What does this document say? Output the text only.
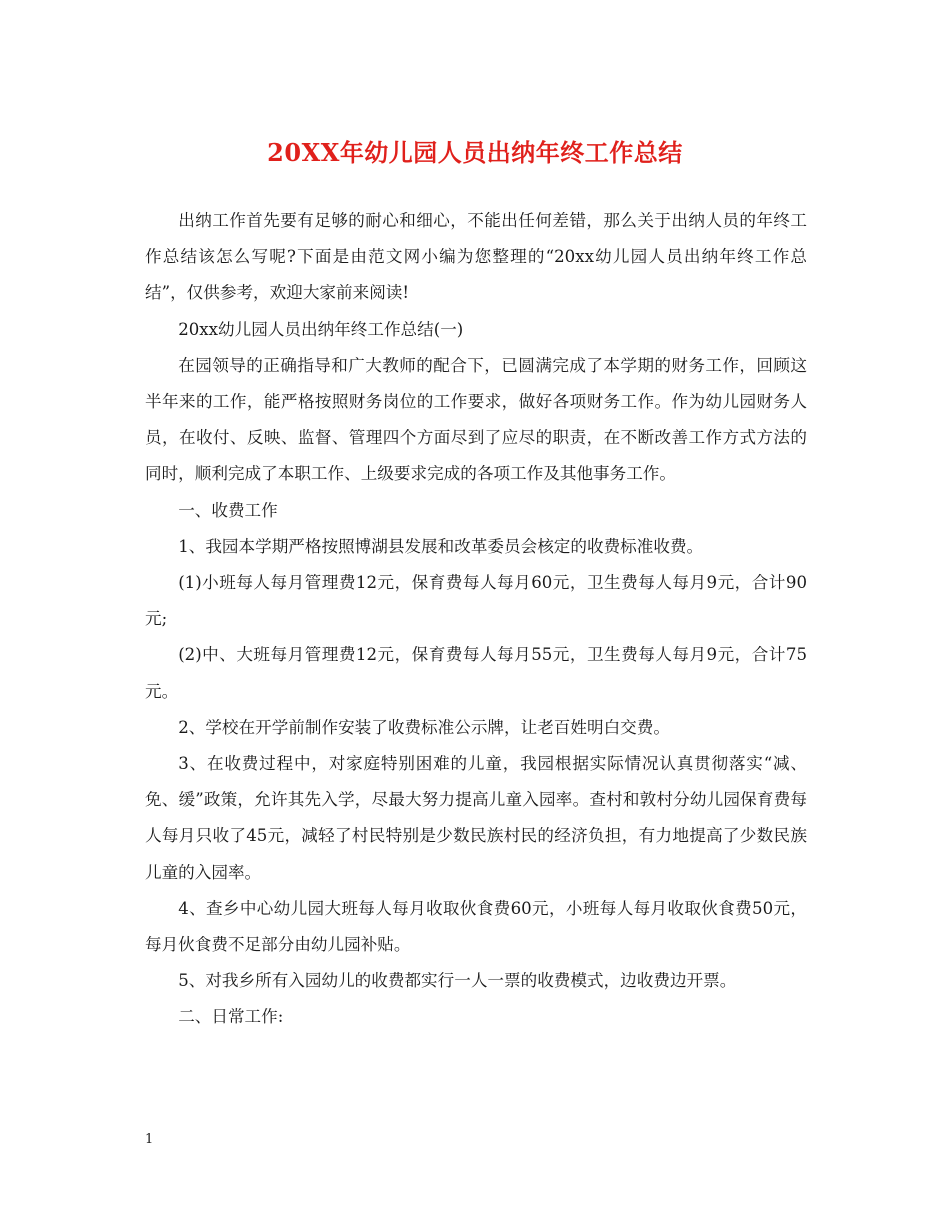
20XX年幼儿园人员出纳年终工作总结

出纳工作首先要有足够的耐心和细心，不能出任何差错，那么关于出纳人员的年终工作总结该怎么写呢?下面是由范文网小编为您整理的“20xx幼儿园人员出纳年终工作总结”，仅供参考，欢迎大家前来阅读!

20xx幼儿园人员出纳年终工作总结(一)

在园领导的正确指导和广大教师的配合下，已圆满完成了本学期的财务工作，回顾这半年来的工作，能严格按照财务岗位的工作要求，做好各项财务工作。作为幼儿园财务人员，在收付、反映、监督、管理四个方面尽到了应尽的职责，在不断改善工作方式方法的同时，顺利完成了本职工作、上级要求完成的各项工作及其他事务工作。

一、收费工作

1、我园本学期严格按照博湖县发展和改革委员会核定的收费标准收费。

(1)小班每人每月管理费12元，保育费每人每月60元，卫生费每人每月9元，合计90元;

(2)中、大班每月管理费12元，保育费每人每月55元，卫生费每人每月9元，合计75元。

2、学校在开学前制作安装了收费标准公示牌，让老百姓明白交费。

3、在收费过程中，对家庭特别困难的儿童，我园根据实际情况认真贯彻落实“减、免、缓”政策，允许其先入学，尽最大努力提高儿童入园率。查村和敦村分幼儿园保育费每人每月只收了45元，减轻了村民特别是少数民族村民的经济负担，有力地提高了少数民族儿童的入园率。

4、查乡中心幼儿园大班每人每月收取伙食费60元，小班每人每月收取伙食费50元，每月伙食费不足部分由幼儿园补贴。

5、对我乡所有入园幼儿的收费都实行一人一票的收费模式，边收费边开票。

二、日常工作:

1
